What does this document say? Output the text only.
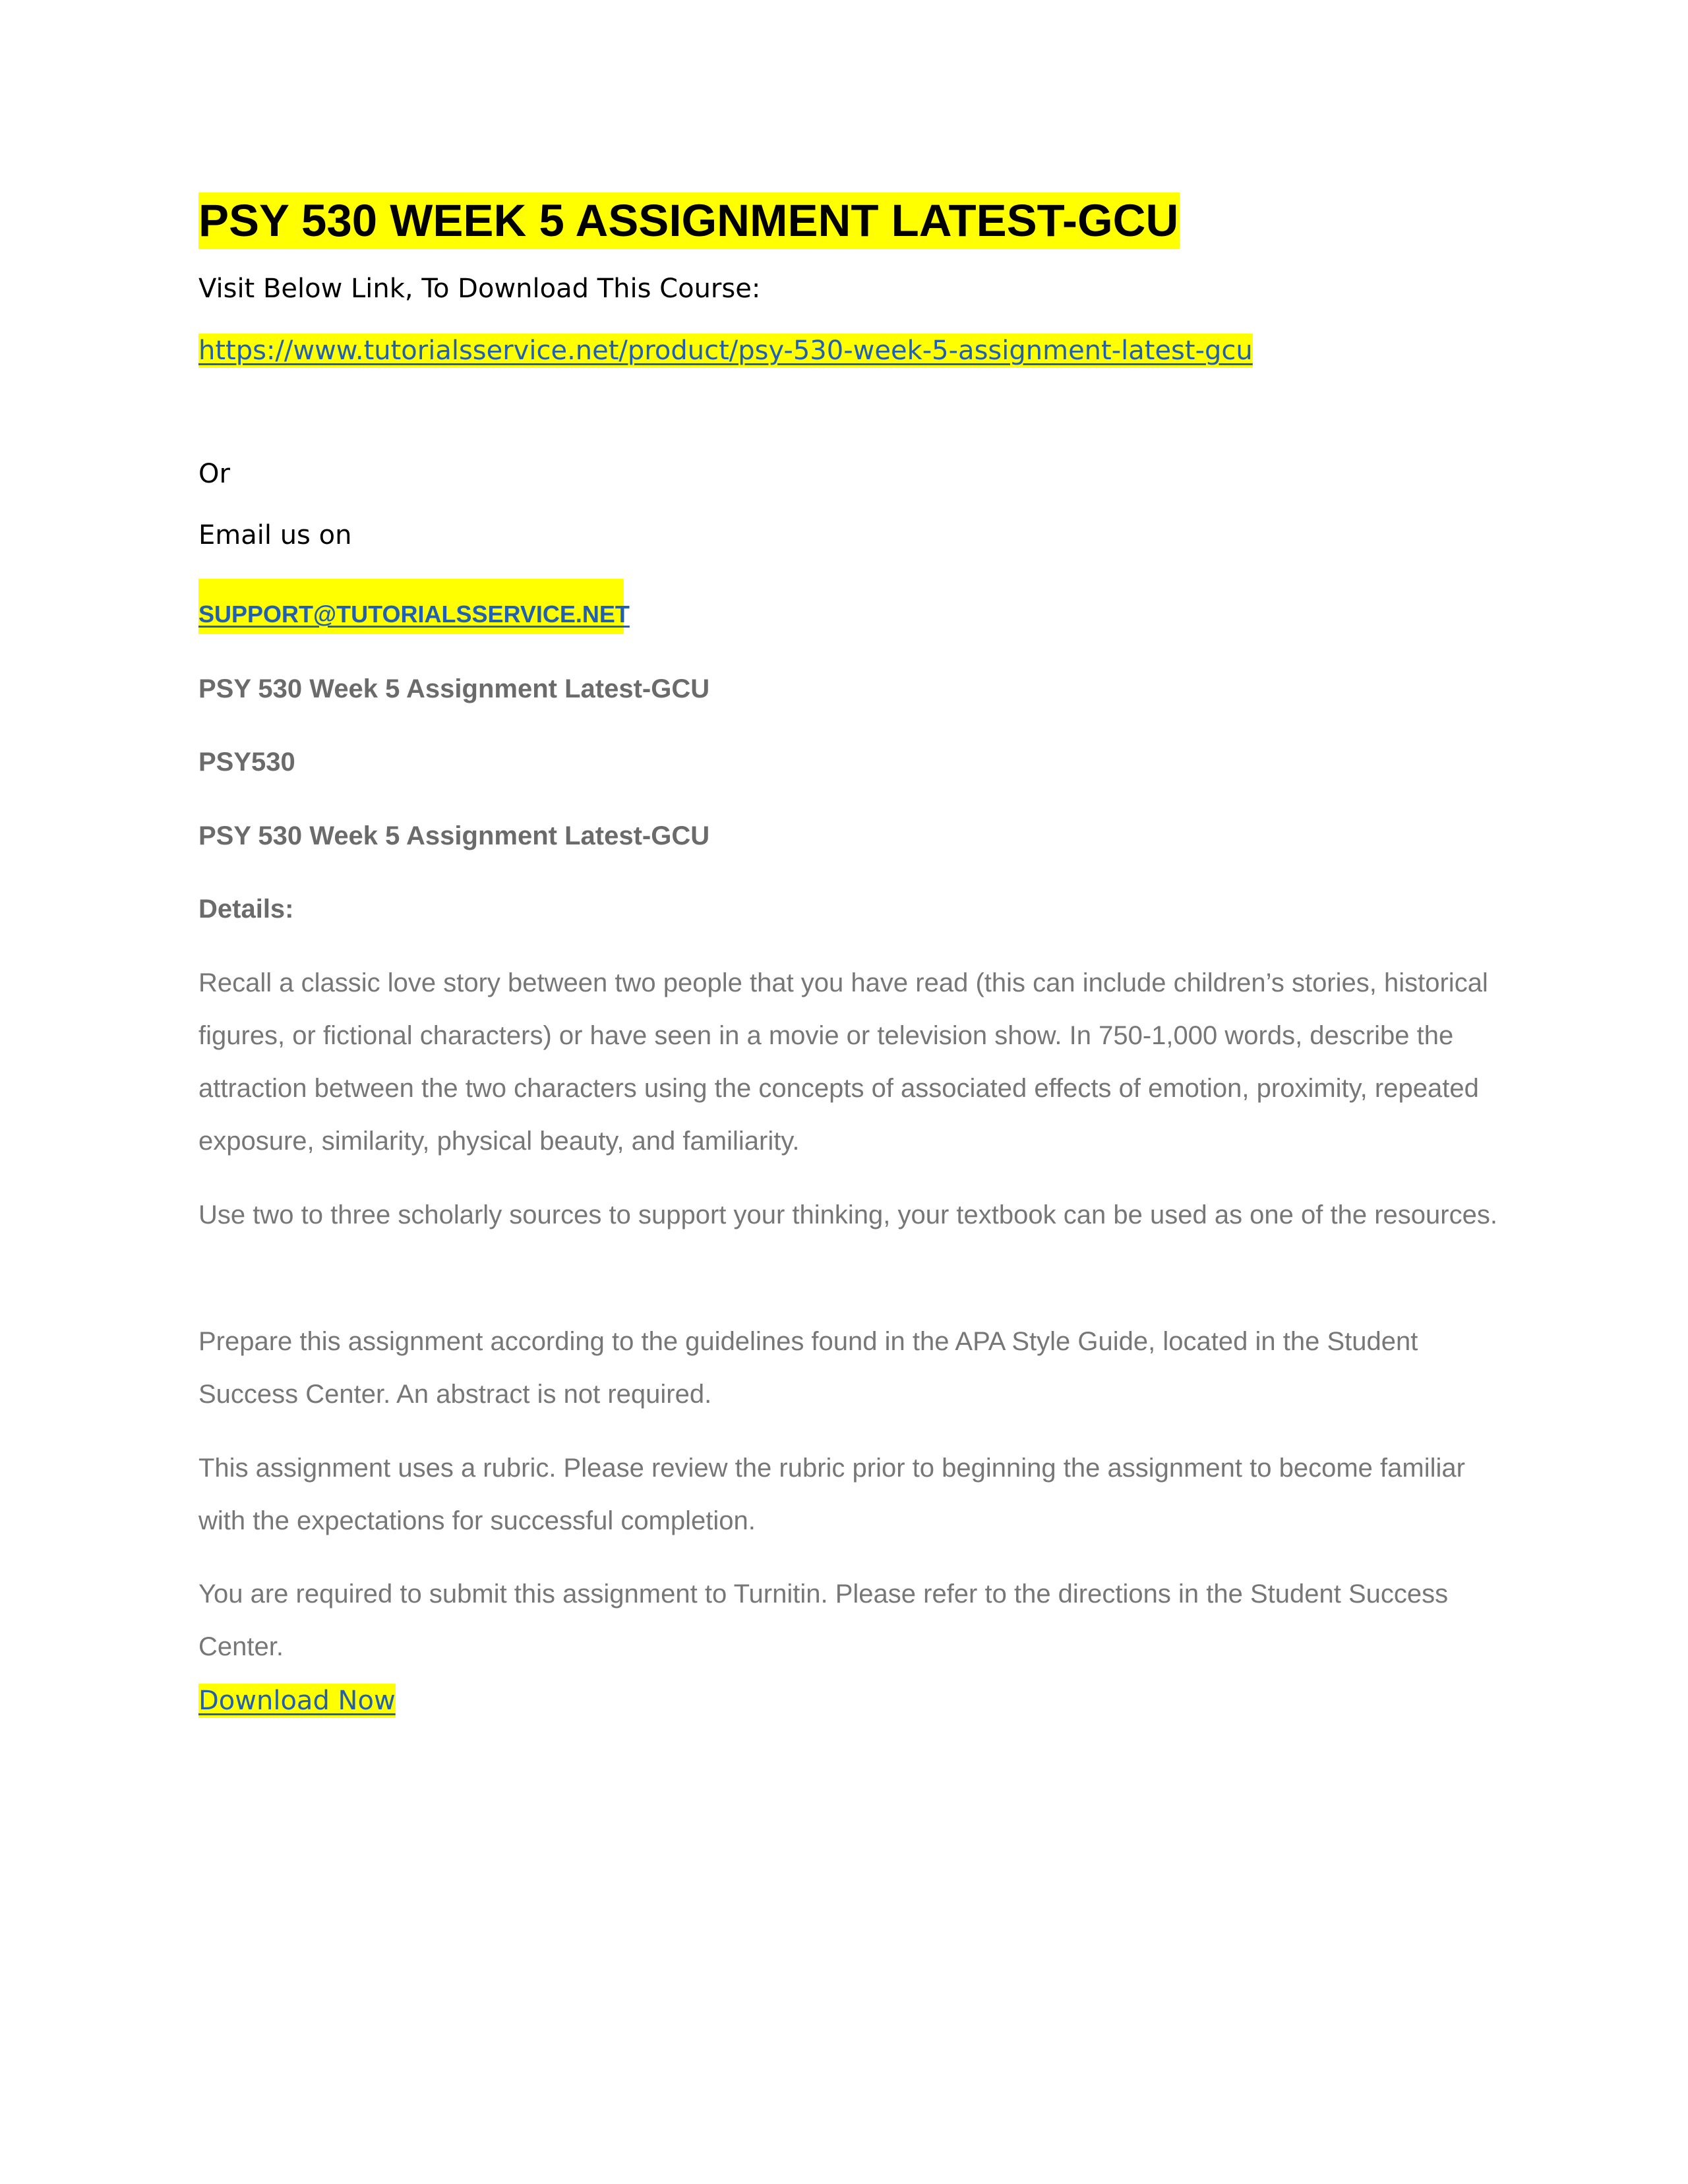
PSY 530 WEEK 5 ASSIGNMENT LATEST-GCU
Visit Below Link, To Download This Course:
https://www.tutorialsservice.net/product/psy-530-week-5-assignment-latest-gcu
Or
Email us on
SUPPORT@TUTORIALSSERVICE.NET
PSY 530 Week 5 Assignment Latest-GCU
PSY530
PSY 530 Week 5 Assignment Latest-GCU
Details:

Recall a classic love story between two people that you have read (this can include children’s stories, historical figures, or fictional characters) or have seen in a movie or television show. In 750-1,000 words, describe the attraction between the two characters using the concepts of associated effects of emotion, proximity, repeated exposure, similarity, physical beauty, and familiarity.

Use two to three scholarly sources to support your thinking, your textbook can be used as one of the resources.

Prepare this assignment according to the guidelines found in the APA Style Guide, located in the Student Success Center. An abstract is not required.

This assignment uses a rubric. Please review the rubric prior to beginning the assignment to become familiar with the expectations for successful completion.

You are required to submit this assignment to Turnitin. Please refer to the directions in the Student Success Center.

Download Now
